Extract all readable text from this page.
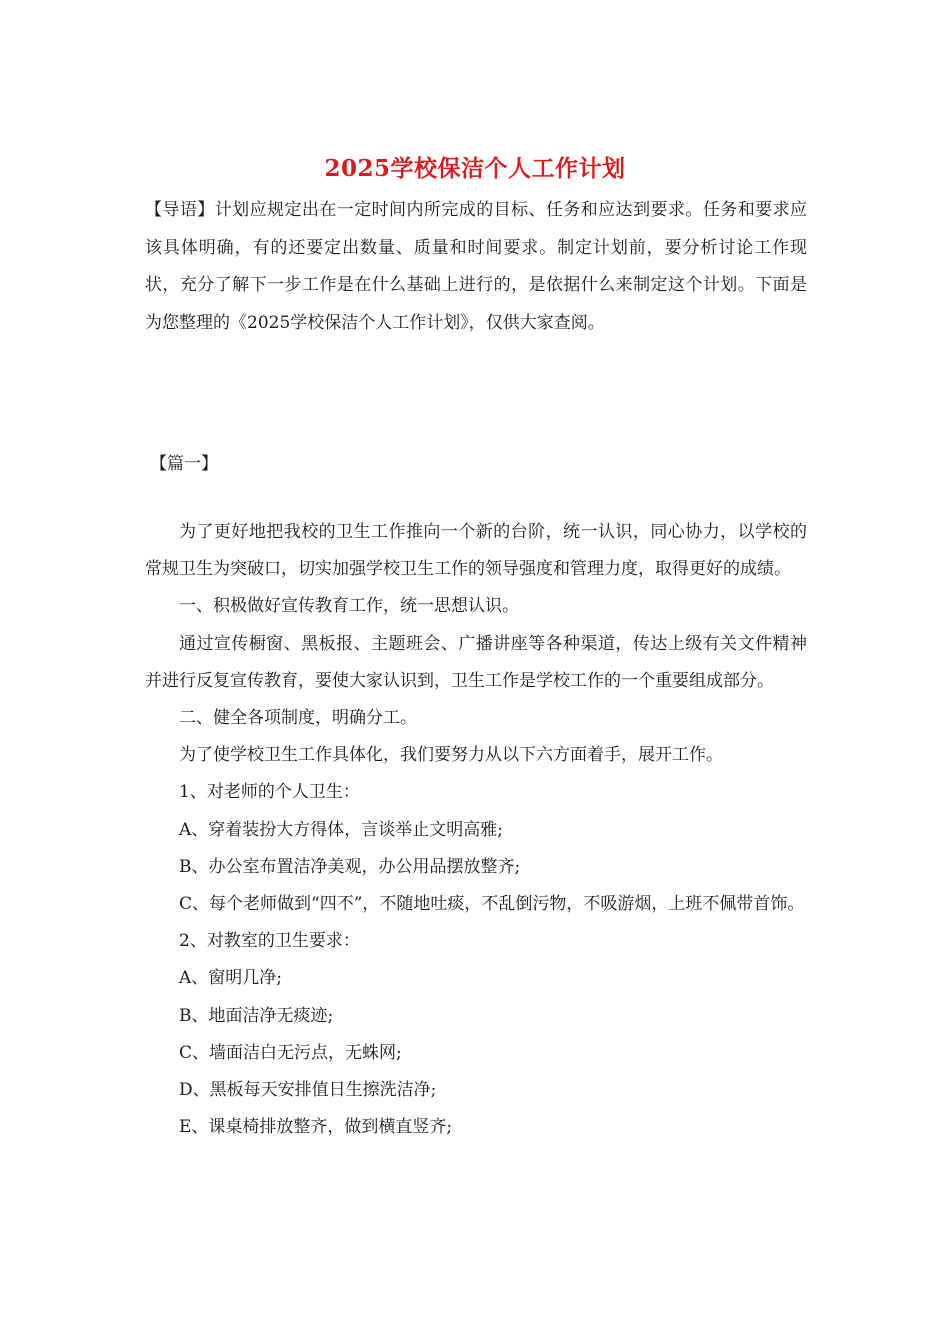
2025学校保洁个人工作计划

【导语】计划应规定出在一定时间内所完成的目标、任务和应达到要求。任务和要求应该具体明确，有的还要定出数量、质量和时间要求。制定计划前，要分析讨论工作现状，充分了解下一步工作是在什么基础上进行的，是依据什么来制定这个计划。下面是为您整理的《2025学校保洁个人工作计划》，仅供大家查阅。

【篇一】

为了更好地把我校的卫生工作推向一个新的台阶，统一认识，同心协力，以学校的常规卫生为突破口，切实加强学校卫生工作的领导强度和管理力度，取得更好的成绩。

一、积极做好宣传教育工作，统一思想认识。

通过宣传橱窗、黑板报、主题班会、广播讲座等各种渠道，传达上级有关文件精神并进行反复宣传教育，要使大家认识到，卫生工作是学校工作的一个重要组成部分。

二、健全各项制度，明确分工。

为了使学校卫生工作具体化，我们要努力从以下六方面着手，展开工作。

1、对老师的个人卫生：

A、穿着装扮大方得体，言谈举止文明高雅;

B、办公室布置洁净美观，办公用品摆放整齐;

C、每个老师做到“四不”，不随地吐痰，不乱倒污物，不吸游烟，上班不佩带首饰。

2、对教室的卫生要求：

A、窗明几净;

B、地面洁净无痰迹;

C、墙面洁白无污点，无蛛网;

D、黑板每天安排值日生擦洗洁净;

E、课桌椅排放整齐，做到横直竖齐;
